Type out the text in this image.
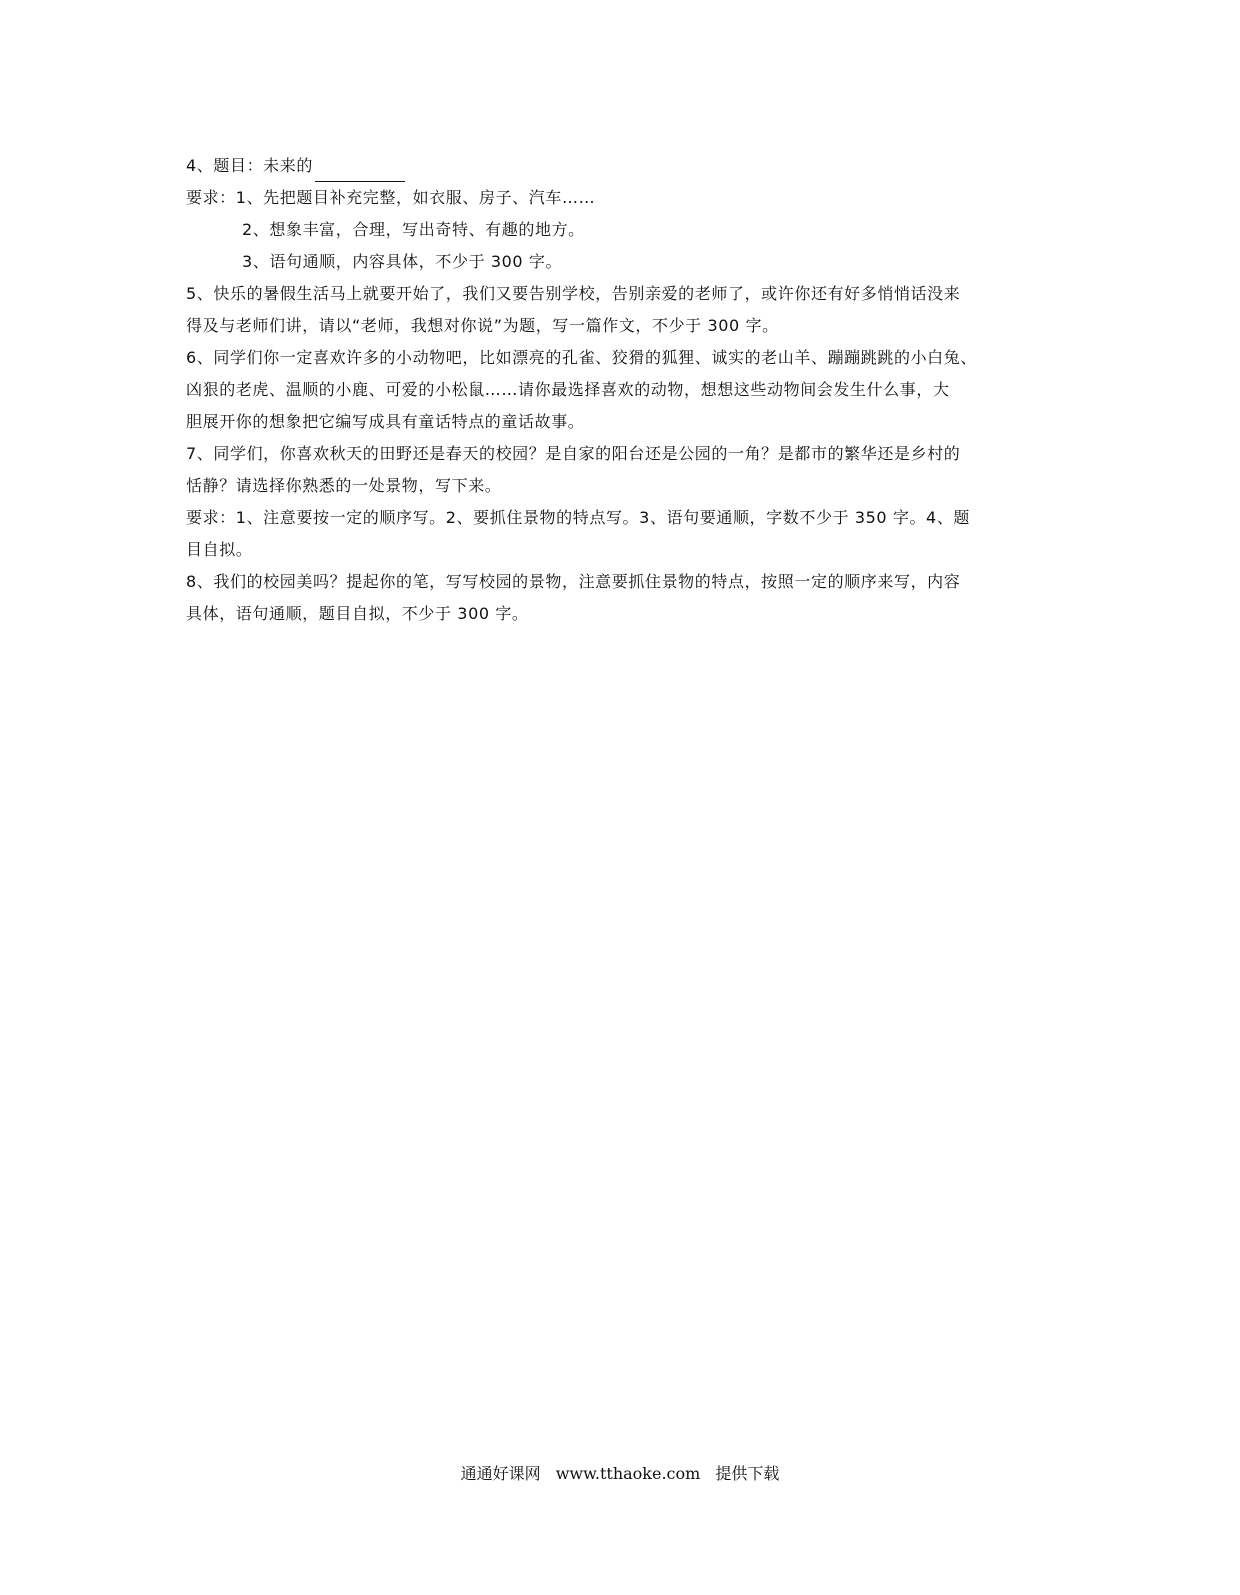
4、题目：未来的
要求：1、先把题目补充完整，如衣服、房子、汽车……
2、想象丰富，合理，写出奇特、有趣的地方。
3、语句通顺，内容具体，不少于 300 字。
5、快乐的暑假生活马上就要开始了，我们又要告别学校，告别亲爱的老师了，或许你还有好多悄悄话没来
得及与老师们讲，请以“老师，我想对你说”为题，写一篇作文，不少于 300 字。
6、同学们你一定喜欢许多的小动物吧，比如漂亮的孔雀、狡猾的狐狸、诚实的老山羊、蹦蹦跳跳的小白兔、
凶狠的老虎、温顺的小鹿、可爱的小松鼠……请你最选择喜欢的动物，想想这些动物间会发生什么事，大
胆展开你的想象把它编写成具有童话特点的童话故事。
7、同学们，你喜欢秋天的田野还是春天的校园？是自家的阳台还是公园的一角？是都市的繁华还是乡村的
恬静？请选择你熟悉的一处景物，写下来。
要求：1、注意要按一定的顺序写。2、要抓住景物的特点写。3、语句要通顺，字数不少于 350 字。4、题
目自拟。
8、我们的校园美吗？提起你的笔，写写校园的景物，注意要抓住景物的特点，按照一定的顺序来写，内容
具体，语句通顺，题目自拟，不少于 300 字。
通通好课网 www.tthaoke.com 提供下载
